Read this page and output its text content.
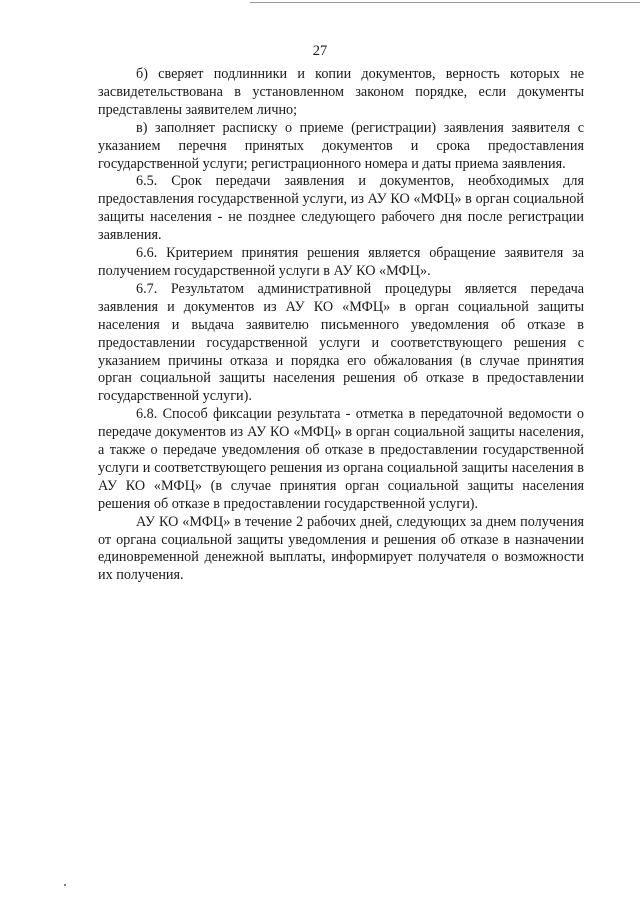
27

б) сверяет подлинники и копии документов, верность которых не засвидетельствована в установленном законом порядке, если документы представлены заявителем лично;

в) заполняет расписку о приеме (регистрации) заявления заявителя с указанием перечня принятых документов и срока предоставления государственной услуги; регистрационного номера и даты приема заявления.

6.5. Срок передачи заявления и документов, необходимых для предоставления государственной услуги, из АУ КО «МФЦ» в орган социальной защиты населения - не позднее следующего рабочего дня после регистрации заявления.

6.6. Критерием принятия решения является обращение заявителя за получением государственной услуги в АУ КО «МФЦ».

6.7. Результатом административной процедуры является передача заявления и документов из АУ КО «МФЦ» в орган социальной защиты населения и выдача заявителю письменного уведомления об отказе в предоставлении государственной услуги и соответствующего решения с указанием причины отказа и порядка его обжалования (в случае принятия орган социальной защиты населения решения об отказе в предоставлении государственной услуги).

6.8. Способ фиксации результата - отметка в передаточной ведомости о передаче документов из АУ КО «МФЦ» в орган социальной защиты населения, а также о передаче уведомления об отказе в предоставлении государственной услуги и соответствующего решения из органа социальной защиты населения в АУ КО «МФЦ» (в случае принятия орган социальной защиты населения решения об отказе в предоставлении государственной услуги).

АУ КО «МФЦ» в течение 2 рабочих дней, следующих за днем получения от органа социальной защиты уведомления и решения об отказе в назначении единовременной денежной выплаты, информирует получателя о возможности их получения.
